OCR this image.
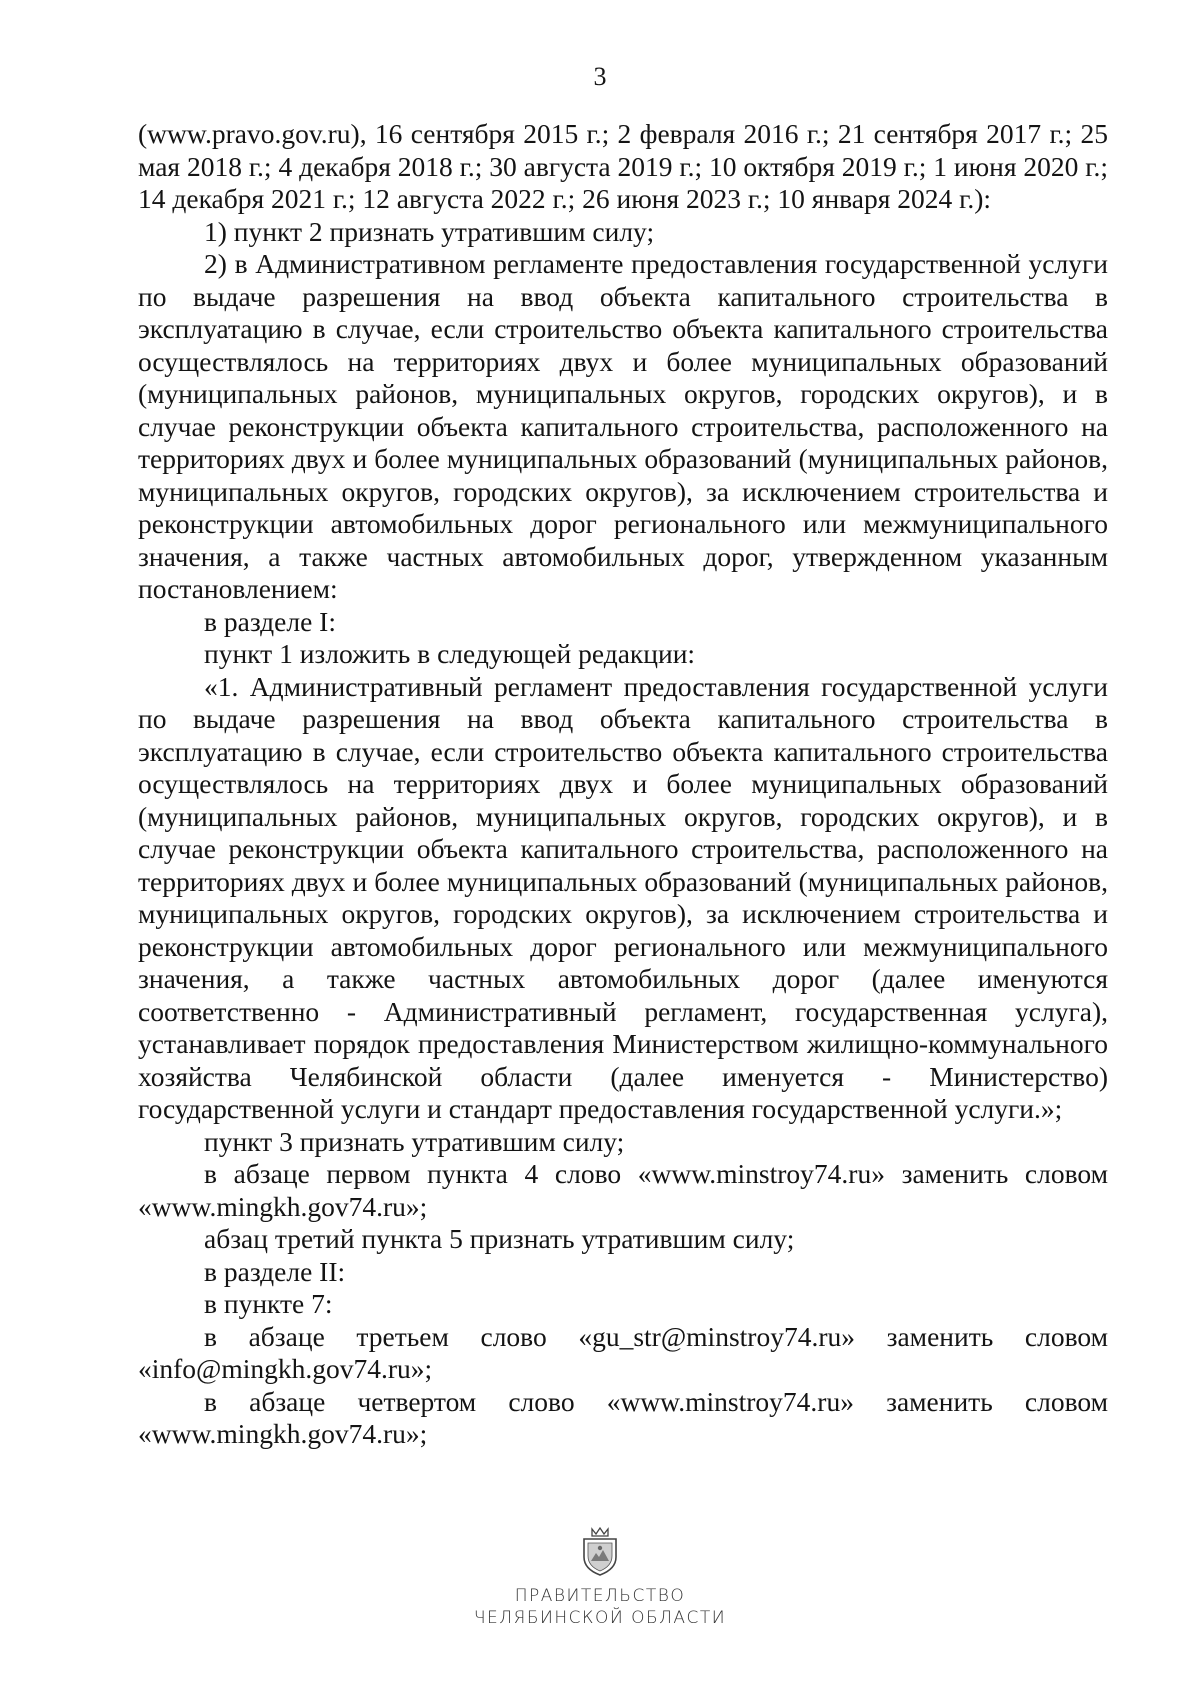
3

(www.pravo.gov.ru), 16 сентября 2015 г.; 2 февраля 2016 г.; 21 сентября 2017 г.; 25 мая 2018 г.; 4 декабря 2018 г.; 30 августа 2019 г.; 10 октября 2019 г.; 1 июня 2020 г.; 14 декабря 2021 г.; 12 августа 2022 г.; 26 июня 2023 г.; 10 января 2024 г.):

1) пункт 2 признать утратившим силу;

2) в Административном регламенте предоставления государственной услуги по выдаче разрешения на ввод объекта капитального строительства в эксплуатацию в случае, если строительство объекта капитального строительства осуществлялось на территориях двух и более муниципальных образований (муниципальных районов, муниципальных округов, городских округов), и в случае реконструкции объекта капитального строительства, расположенного на территориях двух и более муниципальных образований (муниципальных районов, муниципальных округов, городских округов), за исключением строительства и реконструкции автомобильных дорог регионального или межмуниципального значения, а также частных автомобильных дорог, утвержденном указанным постановлением:

в разделе I:

пункт 1 изложить в следующей редакции:

«1. Административный регламент предоставления государственной услуги по выдаче разрешения на ввод объекта капитального строительства в эксплуатацию в случае, если строительство объекта капитального строительства осуществлялось на территориях двух и более муниципальных образований (муниципальных районов, муниципальных округов, городских округов), и в случае реконструкции объекта капитального строительства, расположенного на территориях двух и более муниципальных образований (муниципальных районов, муниципальных округов, городских округов), за исключением строительства и реконструкции автомобильных дорог регионального или межмуниципального значения, а также частных автомобильных дорог (далее именуются соответственно - Административный регламент, государственная услуга), устанавливает порядок предоставления Министерством жилищно-коммунального хозяйства Челябинской области (далее именуется - Министерство) государственной услуги и стандарт предоставления государственной услуги.»;

пункт 3 признать утратившим силу;

в абзаце первом пункта 4 слово «www.minstroy74.ru» заменить словом «www.mingkh.gov74.ru»;

абзац третий пункта 5 признать утратившим силу;

в разделе II:

в пункте 7:

в абзаце третьем слово «gu_str@minstroy74.ru» заменить словом «info@mingkh.gov74.ru»;

в абзаце четвертом слово «www.minstroy74.ru» заменить словом «www.mingkh.gov74.ru»;

ПРАВИТЕЛЬСТВО
ЧЕЛЯБИНСКОЙ ОБЛАСТИ
